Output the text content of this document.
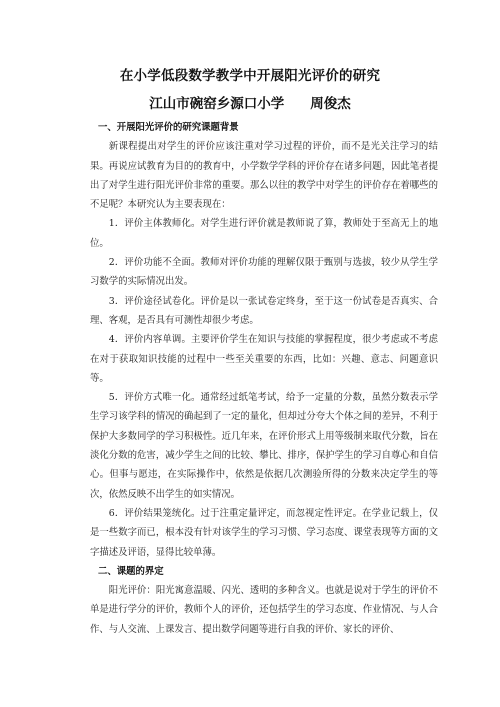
在小学低段数学教学中开展阳光评价的研究
江山市碗窑乡源口小学 周俊杰

一、开展阳光评价的研究课题背景

新课程提出对学生的评价应该注重对学习过程的评价，而不是光关注学习的结果。再说应试教育为目的的教育中，小学数学学科的评价存在诸多问题，因此笔者提出了对学生进行阳光评价非常的重要。那么以往的教学中对学生的评价存在着哪些的不足呢？本研究认为主要表现在：

1．评价主体教师化。对学生进行评价就是教师说了算，教师处于至高无上的地位。

2．评价功能不全面。教师对评价功能的理解仅限于甄别与选拔，较少从学生学习数学的实际情况出发。

3．评价途径试卷化。评价是以一张试卷定终身，至于这一份试卷是否真实、合理、客观，是否具有可测性却很少考虑。

4．评价内容单调。主要评价学生在知识与技能的掌握程度，很少考虑或不考虑在对于获取知识技能的过程中一些至关重要的东西，比如：兴趣、意志、问题意识等。

5．评价方式唯一化。通常经过纸笔考试，给予一定量的分数，虽然分数表示学生学习该学科的情况的确起到了一定的量化，但却过分夸大个体之间的差异，不利于保护大多数同学的学习积极性。近几年来，在评价形式上用等级制来取代分数，旨在淡化分数的危害，减少学生之间的比较、攀比、排序，保护学生的学习自尊心和自信心。但事与愿违，在实际操作中，依然是依据几次测验所得的分数来决定学生的等次，依然反映不出学生的如实情况。

6．评价结果笼统化。过于注重定量评定，而忽视定性评定。在学业记载上，仅是一些数字而已，根本没有针对该学生的学习习惯、学习态度、课堂表现等方面的文字描述及评语，显得比较单薄。

二、课题的界定

阳光评价：阳光寓意温暖、闪光、透明的多种含义。也就是说对于学生的评价不单是进行学分的评价，教师个人的评价，还包括学生的学习态度、作业情况、与人合作、与人交流、上课发言、提出数学问题等进行自我的评价、家长的评价、
